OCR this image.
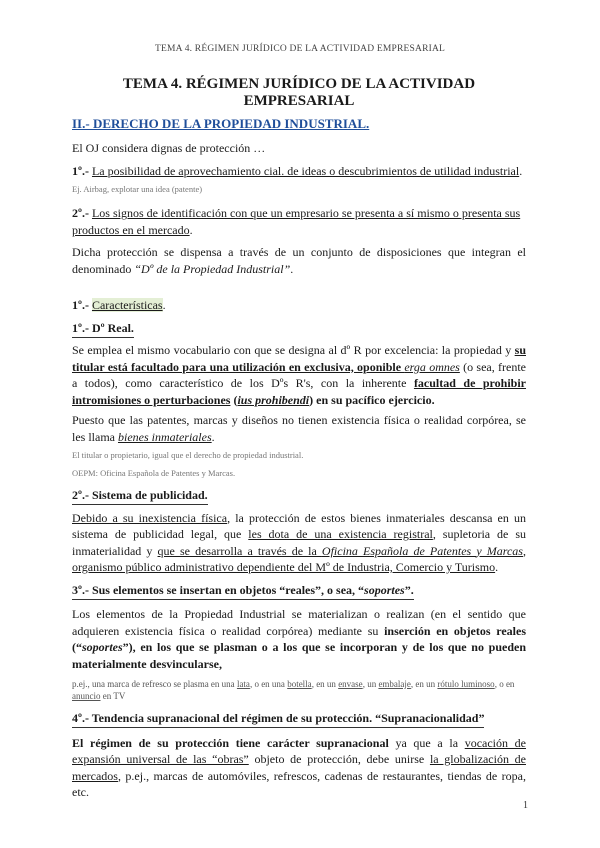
TEMA 4. RÉGIMEN JURÍDICO DE LA ACTIVIDAD EMPRESARIAL
TEMA 4. RÉGIMEN JURÍDICO DE LA ACTIVIDAD EMPRESARIAL
II.- DERECHO DE LA PROPIEDAD INDUSTRIAL.

El OJ considera dignas de protección …

1º.- La posibilidad de aprovechamiento cial. de ideas o descubrimientos de utilidad industrial.

Ej. Airbag, explotar una idea (patente)

2º.- Los signos de identificación con que un empresario se presenta a sí mismo o presenta sus productos en el mercado.

Dicha protección se dispensa a través de un conjunto de disposiciones que integran el denominado “Dº de la Propiedad Industrial”.

1º.- Características.

1º.- Dº Real.

Se emplea el mismo vocabulario con que se designa al dº R por excelencia: la propiedad y su titular está facultado para una utilización en exclusiva, oponible erga omnes (o sea, frente a todos), como característico de los Dºs R's, con la inherente facultad de prohibir intromisiones o perturbaciones (ius prohibendi) en su pacífico ejercicio.

Puesto que las patentes, marcas y diseños no tienen existencia física o realidad corpórea, se les llama bienes inmateriales.

El titular o propietario, igual que el derecho de propiedad industrial.

OEPM: Oficina Española de Patentes y Marcas.

2º.- Sistema de publicidad.

Debido a su inexistencia física, la protección de estos bienes inmateriales descansa en un sistema de publicidad legal, que les dota de una existencia registral, supletoria de su inmaterialidad y que se desarrolla a través de la Oficina Española de Patentes y Marcas, organismo público administrativo dependiente del Mº de Industria, Comercio y Turismo.

3º.- Sus elementos se insertan en objetos “reales”, o sea, “soportes”.

Los elementos de la Propiedad Industrial se materializan o realizan (en el sentido que adquieren existencia física o realidad corpórea) mediante su inserción en objetos reales (“soportes”), en los que se plasman o a los que se incorporan y de los que no pueden materialmente desvincularse,

p.ej., una marca de refresco se plasma en una lata, o en una botella, en un envase, un embalaje, en un rótulo luminoso, o en anuncio en TV

4º.- Tendencia supranacional del régimen de su protección. “Supranacionalidad”

El régimen de su protección tiene carácter supranacional ya que a la vocación de expansión universal de las “obras” objeto de protección, debe unirse la globalización de mercados, p.ej., marcas de automóviles, refrescos, cadenas de restaurantes, tiendas de ropa, etc.

1
